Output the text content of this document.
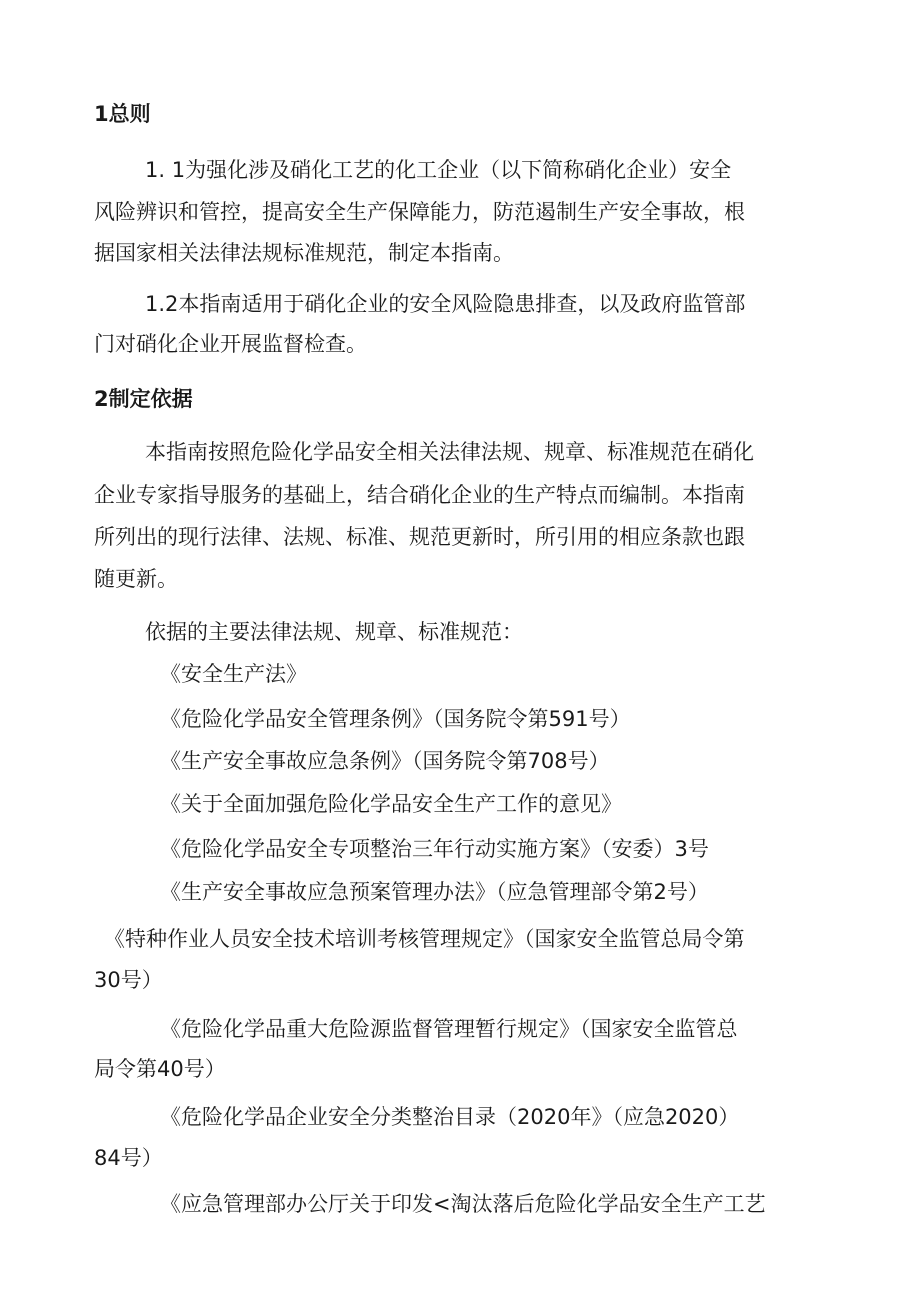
1总则

1. 1为强化涉及硝化工艺的化工企业（以下简称硝化企业）安全

风险辨识和管控，提高安全生产保障能力，防范遏制生产安全事故，根

据国家相关法律法规标准规范，制定本指南。

1.2本指南适用于硝化企业的安全风险隐患排查，以及政府监管部

门对硝化企业开展监督检查。

2制定依据

本指南按照危险化学品安全相关法律法规、规章、标准规范在硝化

企业专家指导服务的基础上，结合硝化企业的生产特点而编制。本指南

所列出的现行法律、法规、标准、规范更新时，所引用的相应条款也跟

随更新。

依据的主要法律法规、规章、标准规范：

《安全生产法》

《危险化学品安全管理条例》（国务院令第591号）

《生产安全事故应急条例》（国务院令第708号）

《关于全面加强危险化学品安全生产工作的意见》

《危险化学品安全专项整治三年行动实施方案》（安委）3号

《生产安全事故应急预案管理办法》（应急管理部令第2号）

《特种作业人员安全技术培训考核管理规定》（国家安全监管总局令第

30号）

《危险化学品重大危险源监督管理暂行规定》（国家安全监管总

局令第40号）

《危险化学品企业安全分类整治目录（2020年》（应急2020）

84号）

《应急管理部办公厅关于印发<淘汰落后危险化学品安全生产工艺
